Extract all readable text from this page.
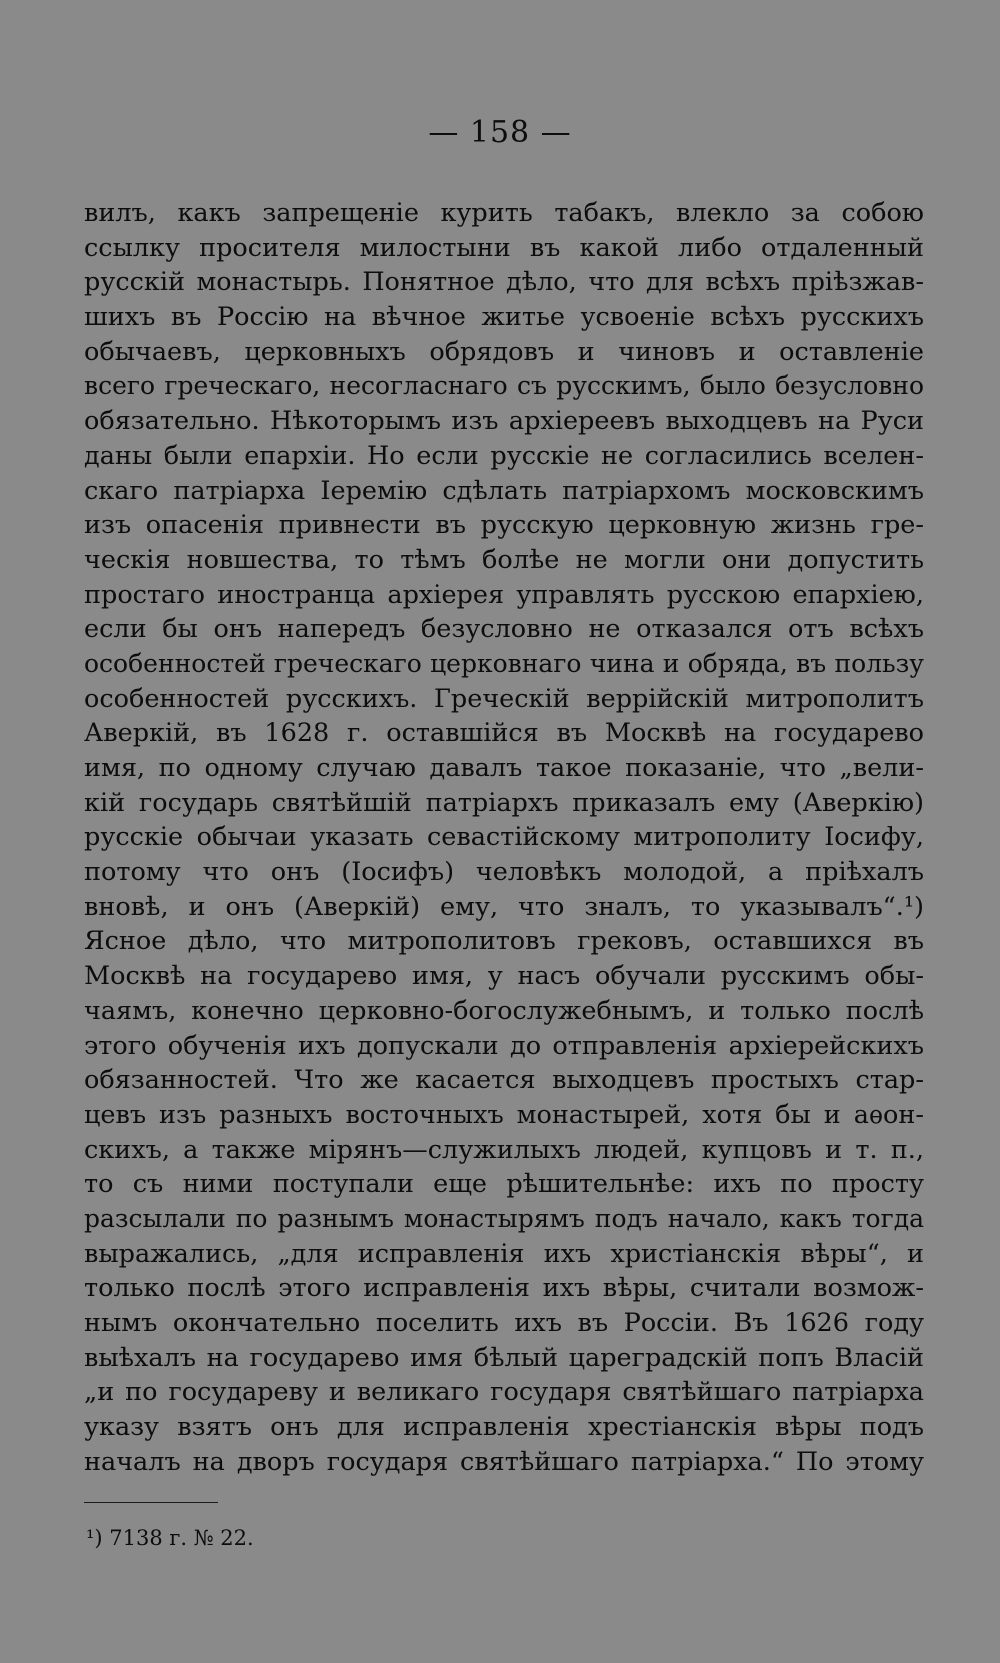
— 158 —
вилъ, какъ запрещеніе курить табакъ, влекло за собою
ссылку просителя милостыни въ какой либо отдаленный
русскій монастырь. Понятное дѣло, что для всѣхъ пріѣзжав-
шихъ въ Россію на вѣчное житье усвоеніе всѣхъ русскихъ
обычаевъ, церковныхъ обрядовъ и чиновъ и оставленіе
всего греческаго, несогласнаго съ русскимъ, было безусловно
обязательно. Нѣкоторымъ изъ архіереевъ выходцевъ на Руси
даны были епархіи. Но если русскіе не согласились вселен-
скаго патріарха Іеремію сдѣлать патріархомъ московскимъ
изъ опасенія привнести въ русскую церковную жизнь гре-
ческія новшества, то тѣмъ болѣе не могли они допустить
простаго иностранца архіерея управлять русскою епархіею,
если бы онъ напередъ безусловно не отказался отъ всѣхъ
особенностей греческаго церковнаго чина и обряда, въ пользу
особенностей русскихъ. Греческій веррійскій митрополитъ
Аверкій, въ 1628 г. оставшійся въ Москвѣ на государево
имя, по одному случаю давалъ такое показаніе, что „вели-
кій государь святѣйшій патріархъ приказалъ ему (Аверкію)
русскіе обычаи указать севастійскому митрополиту Іосифу,
потому что онъ (Іосифъ) человѣкъ молодой, а пріѣхалъ
вновѣ, и онъ (Аверкій) ему, что зналъ, то указывалъ“.¹)
Ясное дѣло, что митрополитовъ грековъ, оставшихся въ
Москвѣ на государево имя, у насъ обучали русскимъ обы-
чаямъ, конечно церковно-богослужебнымъ, и только послѣ
этого обученія ихъ допускали до отправленія архіерейскихъ
обязанностей. Что же касается выходцевъ простыхъ стар-
цевъ изъ разныхъ восточныхъ монастырей, хотя бы и аѳон-
скихъ, а также мірянъ—служилыхъ людей, купцовъ и т. п.,
то съ ними поступали еще рѣшительнѣе: ихъ по просту
разсылали по разнымъ монастырямъ подъ начало, какъ тогда
выражались, „для исправленія ихъ христіанскія вѣры“, и
только послѣ этого исправленія ихъ вѣры, считали возмож-
нымъ окончательно поселить ихъ въ Россіи. Въ 1626 году
выѣхалъ на государево имя бѣлый цареградскій попъ Власій
„и по государеву и великаго государя святѣйшаго патріарха
указу взятъ онъ для исправленія хрестіанскія вѣры подъ
началъ на дворъ государя святѣйшаго патріарха.“ По этому
¹) 7138 г. № 22.
